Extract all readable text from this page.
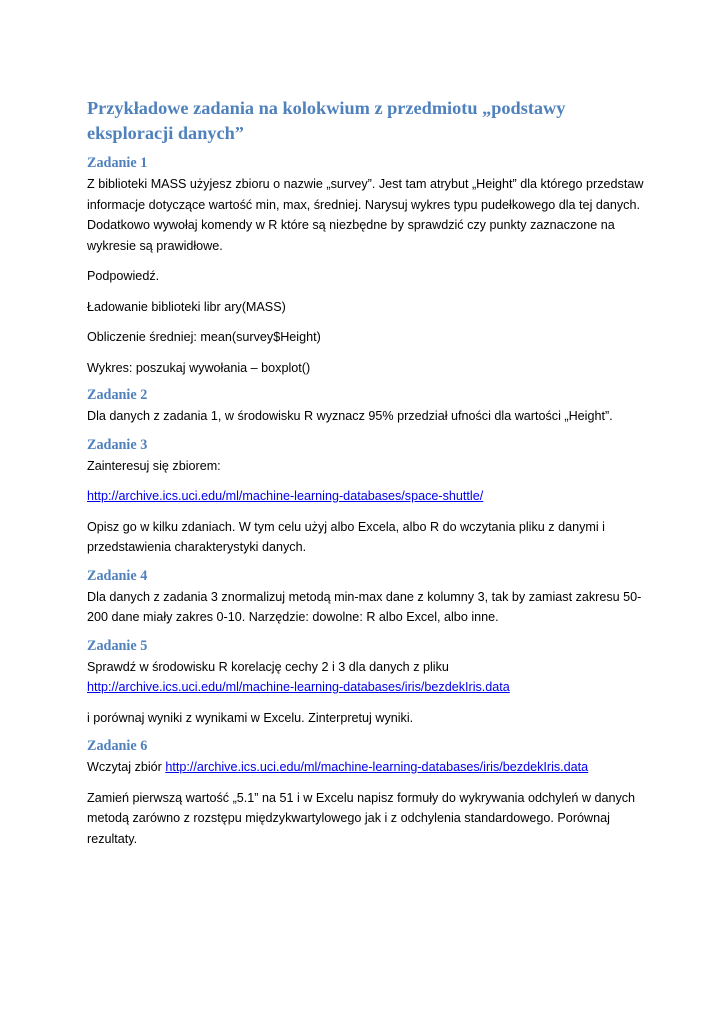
Przykładowe zadania na kolokwium z przedmiotu „podstawy eksploracji danych”
Zadanie 1
Z biblioteki MASS użyjesz zbioru o nazwie „survey”. Jest tam atrybut „Height” dla którego przedstaw informacje dotyczące wartość min, max, średniej. Narysuj wykres typu pudełkowego dla tej danych. Dodatkowo wywołaj komendy w R które są niezbędne by sprawdzić czy punkty zaznaczone na wykresie są prawidłowe.
Podpowiedź.
Ładowanie biblioteki libr ary(MASS)
Obliczenie średniej: mean(survey$Height)
Wykres: poszukaj wywołania – boxplot()
Zadanie 2
Dla danych z zadania 1, w środowisku R wyznacz 95% przedział ufności dla wartości „Height”.
Zadanie 3
Zainteresuj się zbiorem:
http://archive.ics.uci.edu/ml/machine-learning-databases/space-shuttle/
Opisz go w kilku zdaniach. W tym celu użyj albo Excela, albo R do wczytania pliku z danymi i przedstawienia charakterystyki danych.
Zadanie 4
Dla danych z zadania 3 znormalizuj metodą min-max dane z kolumny 3, tak by zamiast zakresu 50-200 dane miały zakres 0-10. Narzędzie: dowolne: R albo Excel, albo inne.
Zadanie 5
Sprawdź w środowisku R korelację cechy 2 i 3 dla danych z pliku
http://archive.ics.uci.edu/ml/machine-learning-databases/iris/bezdekIris.data
i porównaj wyniki z wynikami w Excelu. Zinterpretuj wyniki.
Zadanie 6
Wczytaj zbiór http://archive.ics.uci.edu/ml/machine-learning-databases/iris/bezdekIris.data
Zamień pierwszą wartość „5.1” na 51 i w Excelu napisz formuły do wykrywania odchyleń w danych metodą zarówno z rozstępu międzykwartylowego jak i z odchylenia standardowego. Porównaj rezultaty.
